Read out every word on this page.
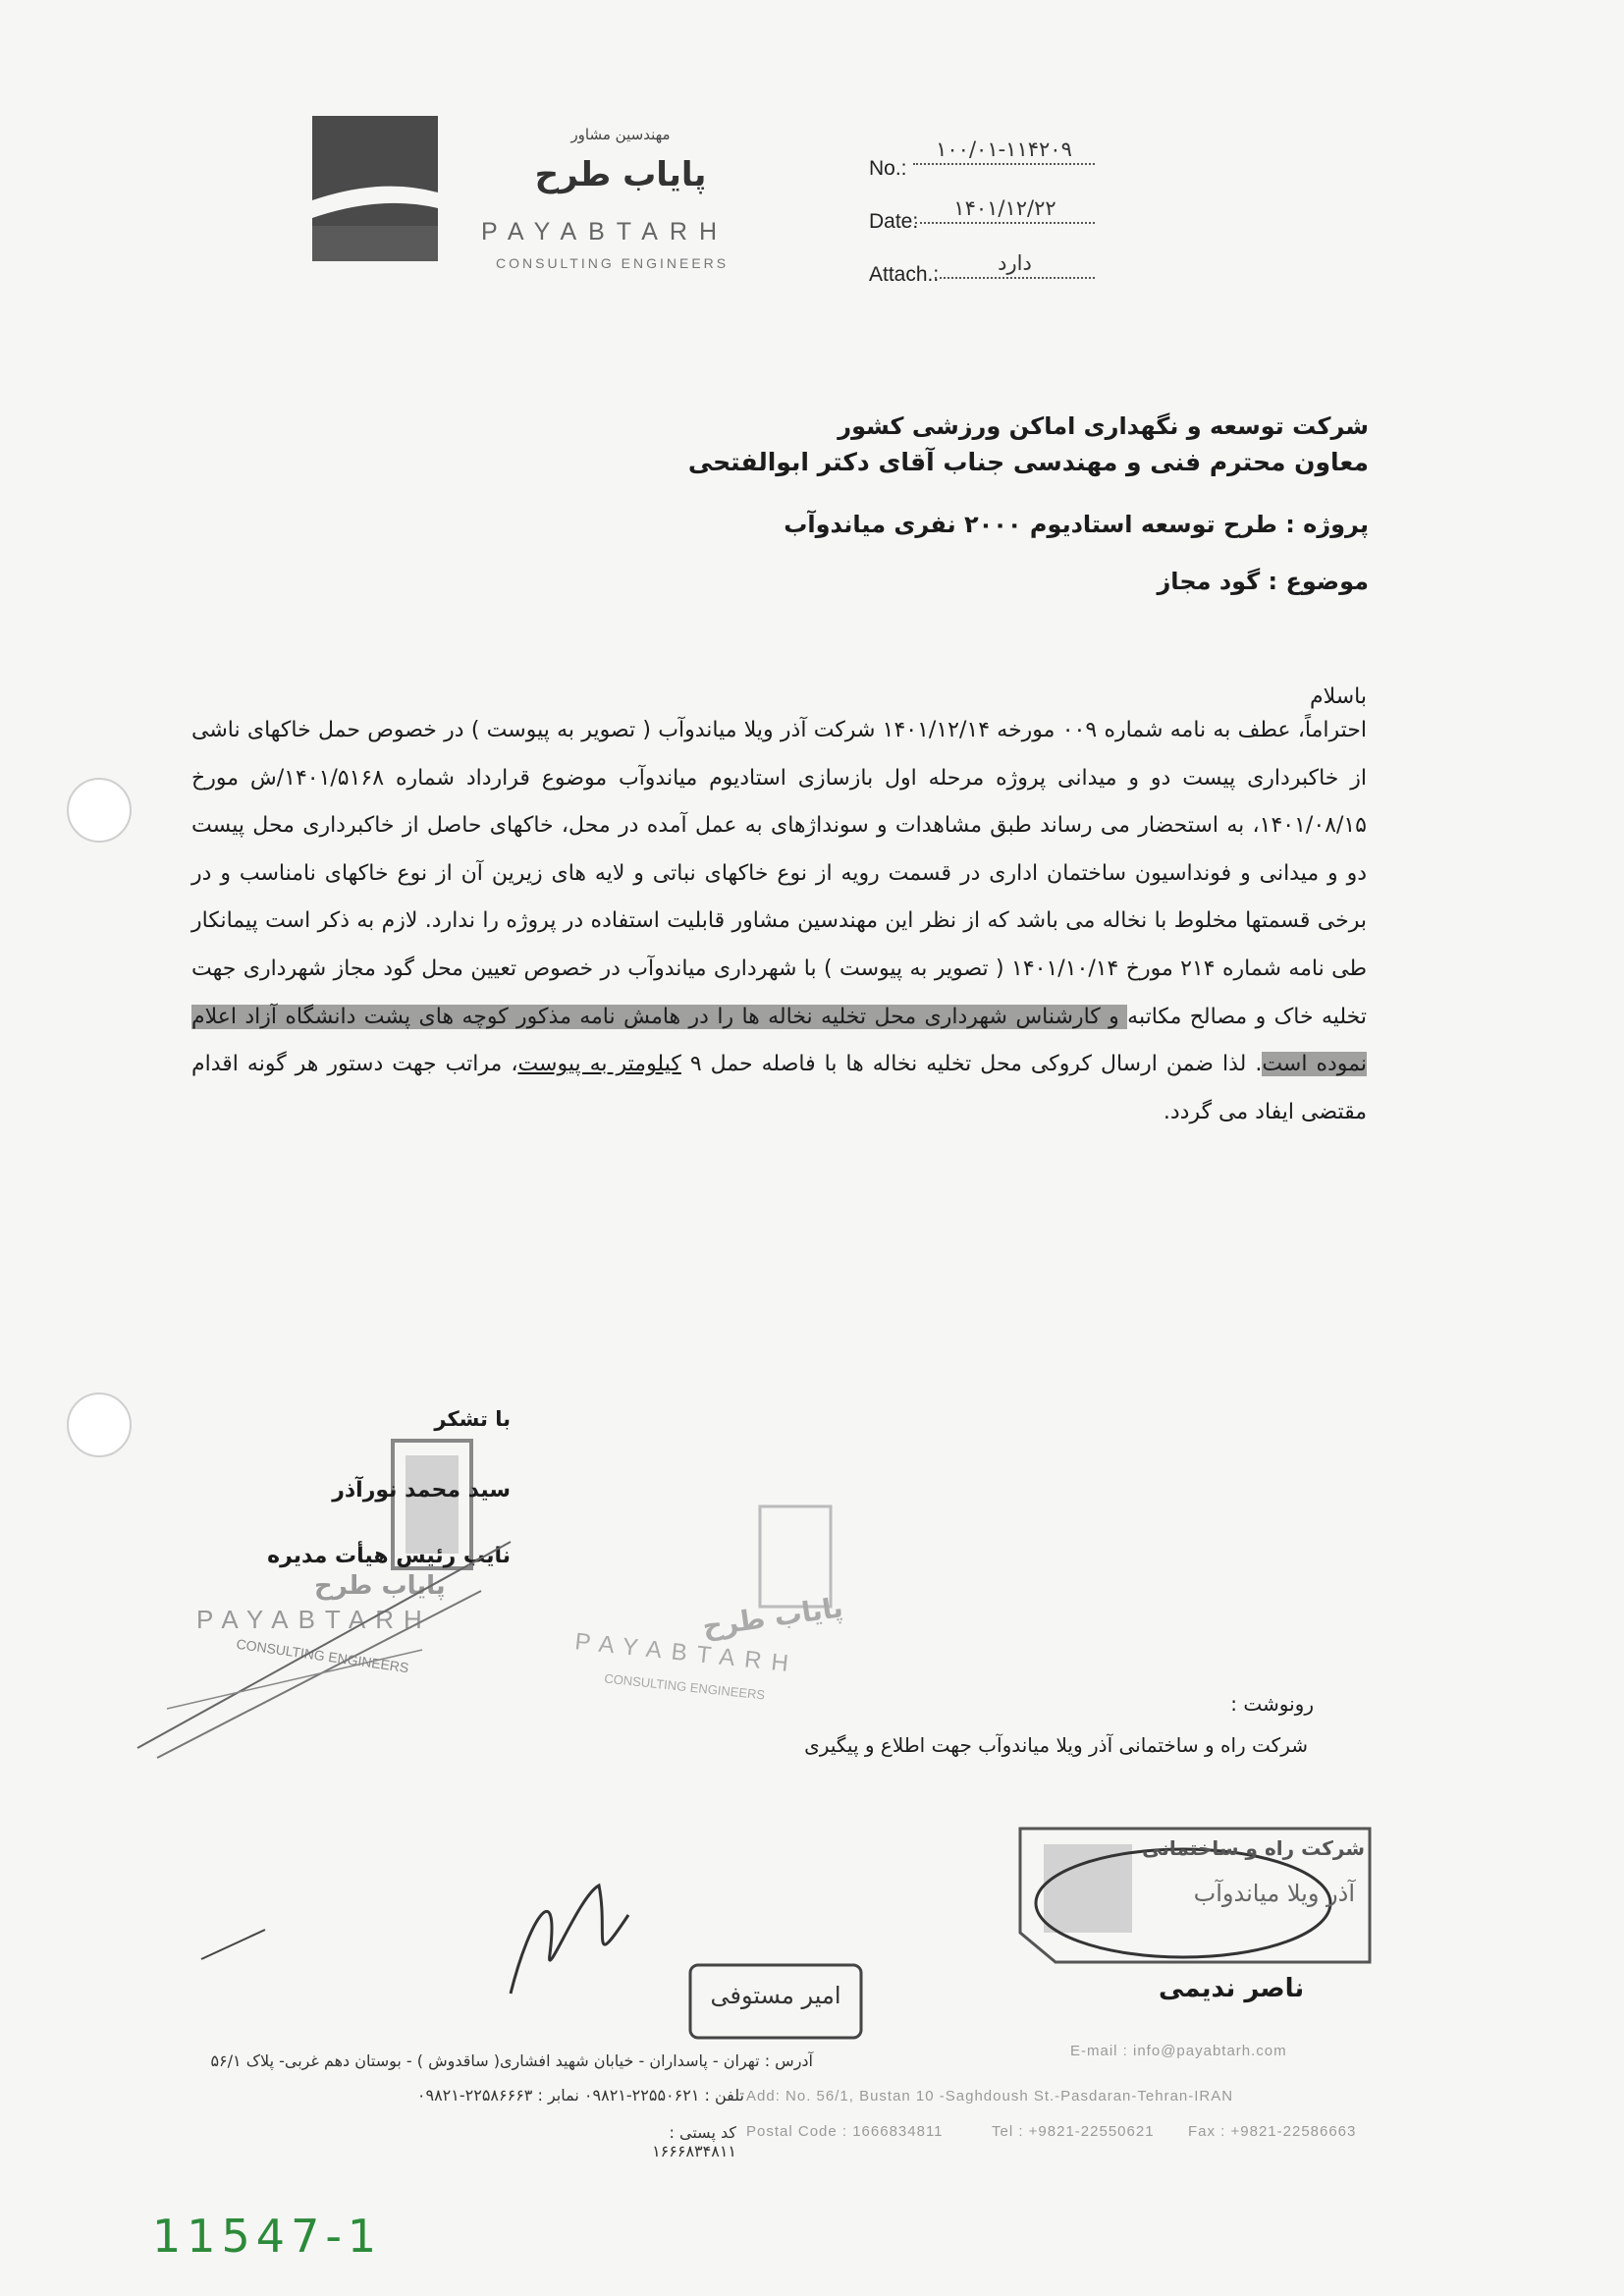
مهندسین مشاور
پایاب طرح
PAYABTARH
CONSULTING ENGINEERS
No.:
۱۰۰/۰۱-۱۱۴۲۰۹
Date:
۱۴۰۱/۱۲/۲۲
Attach.:	دارد
شرکت توسعه و نگهداری اماکن ورزشی کشور
معاون محترم فنی و مهندسی جناب آقای دکتر ابوالفتحی
پروژه : طرح توسعه استادیوم ۲۰۰۰ نفری میاندوآب
موضوع : گود مجاز
باسلام

احتراماً، عطف به نامه شماره ۰۰۹ مورخه ۱۴۰۱/۱۲/۱۴ شرکت آذر ویلا میاندوآب ( تصویر به پیوست ) در خصوص حمل خاکهای ناشی از خاکبرداری پیست دو و میدانی پروژه مرحله اول بازسازی استادیوم میاندوآب موضوع قرارداد شماره ۱۴۰۱/۵۱۶۸/ش مورخ ۱۴۰۱/۰۸/۱۵، به استحضار می رساند طبق مشاهدات و سونداژهای به عمل آمده در محل، خاکهای حاصل از خاکبرداری محل پیست دو و میدانی و فونداسیون ساختمان اداری در قسمت رویه از نوع خاکهای نباتی و لایه های زیرین آن از نوع خاکهای نامناسب و در برخی قسمتها مخلوط با نخاله می باشد که از نظر این مهندسین مشاور قابلیت استفاده در پروژه را ندارد. لازم به ذکر است پیمانکار طی نامه شماره ۲۱۴ مورخ ۱۴۰۱/۱۰/۱۴ ( تصویر به پیوست ) با شهرداری میاندوآب در خصوص تعیین محل گود مجاز شهرداری جهت تخلیه خاک و مصالح مکاتبه و کارشناس شهرداری محل تخلیه نخاله ها را در هامش نامه مذکور کوچه های پشت دانشگاه آزاد اعلام نموده است. لذا ضمن ارسال کروکی محل تخلیه نخاله ها با فاصله حمل ۹ کیلومتر به پیوست، مراتب جهت دستور هر گونه اقدام مقتضی ایفاد می گردد.

با تشکر
سید محمد نورآذر
نایب رئیس هیأت مدیره
پایاب طرح
PAYABTARH
CONSULTING ENGINEERS
پایاب طرح
PAYABTARH
CONSULTING ENGINEERS
رونوشت :
شرکت راه و ساختمانی آذر ویلا میاندوآب جهت اطلاع و پیگیری
شرکت راه و ساختمانی
آذر ویلا میاندوآب
ناصر ندیمی
امیر مستوفی
آدرس : تهران - پاسداران - خیابان شهید افشاری( ساقدوش ) - بوستان دهم غربی- پلاک ۵۶/۱
تلفن : ۲۲۵۵۰۶۲۱-۰۹۸۲۱ نمابر : ۲۲۵۸۶۶۶۳-۰۹۸۲۱
کد پستی : ۱۶۶۶۸۳۴۸۱۱
E-mail : info@payabtarh.com
Add: No. 56/1, Bustan 10 -Saghdoush St.-Pasdaran-Tehran-IRAN
Postal Code : 1666834811	Tel : +9821-22550621 Fax : +9821-22586663
11547-1
